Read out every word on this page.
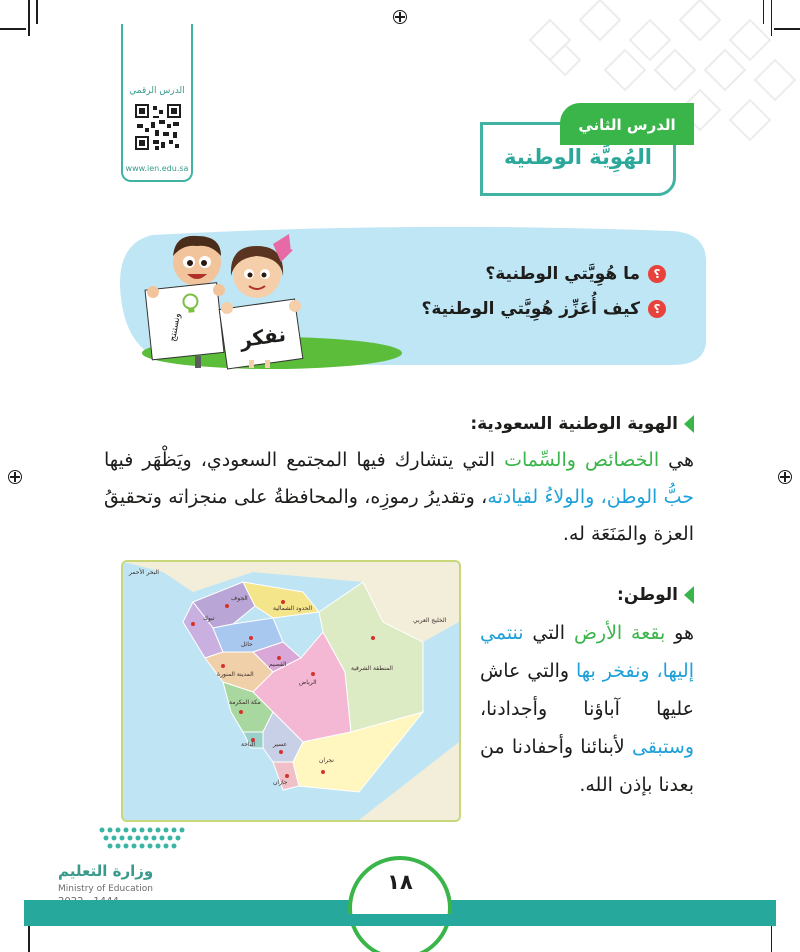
الدرس الرقمي
www.ien.edu.sa
الدرس الثاني
الهُوِيَّة الوطنية
ونستنتج	نفكر
؟
ما هُوِيَّتي الوطنية؟
؟
كيف أُعَزِّز هُوِيَّتي الوطنية؟
الهوية الوطنية السعودية:

هي الخصائص والسِّمات التي يتشارك فيها المجتمع السعودي، ويَظْهَر فيها حبُّ الوطن، والولاءُ لقيادته، وتقديرُ رموزِه، والمحافظةُ على منجزاته وتحقيقُ العزة والمَنَعَة له.

الوطن:

هو بقعة الأرض التي ننتمي إليها، ونفخر بها والتي عاش عليها آباؤنا وأجدادنا، وستبقى لأبنائنا وأحفادنا من بعدنا بإذن الله.

الجوف
الحدود الشمالية
تبوك
حائل
القصيم
المدينة المنورة
الرياض
المنطقة الشرقية
مكة المكرمة
الباحة	عسير
جازان
نجران
البحر الأحمر
الخليج العربي
وزارة التعليم
Ministry of Education	١٨
